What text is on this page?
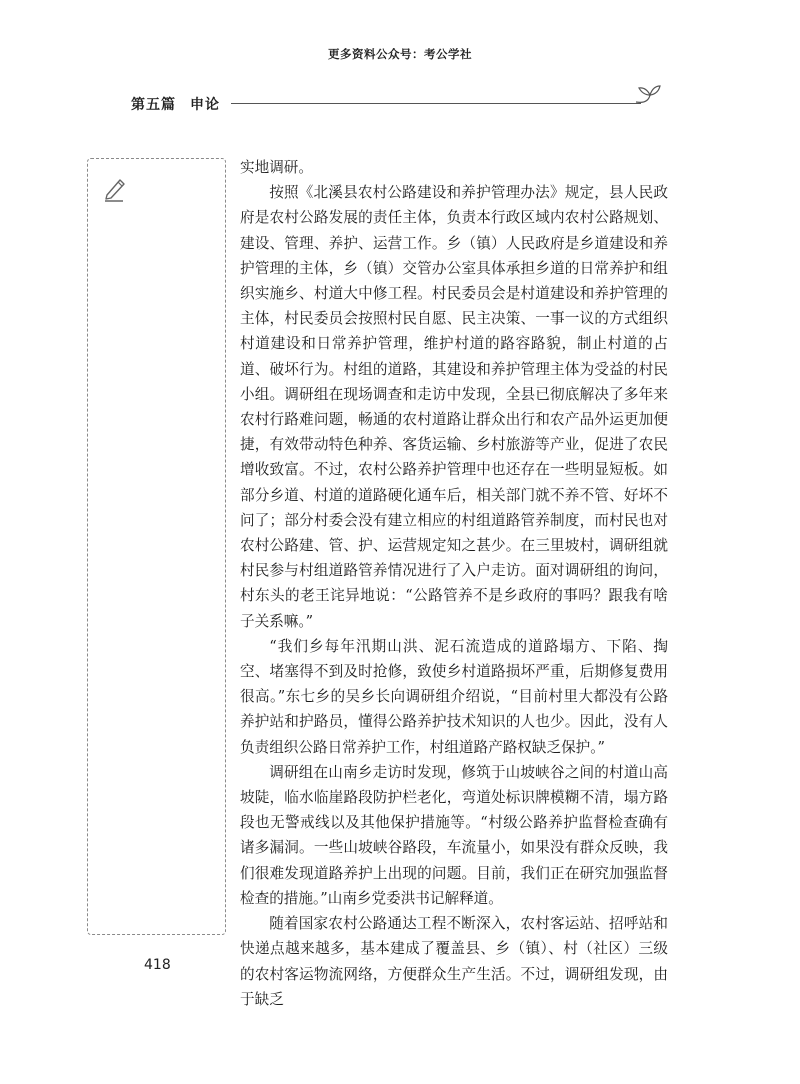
更多资料公众号：考公学社
第五篇 申论

实地调研。

按照《北溪县农村公路建设和养护管理办法》规定，县人民政府是农村公路发展的责任主体，负责本行政区域内农村公路规划、建设、管理、养护、运营工作。乡（镇）人民政府是乡道建设和养护管理的主体，乡（镇）交管办公室具体承担乡道的日常养护和组织实施乡、村道大中修工程。村民委员会是村道建设和养护管理的主体，村民委员会按照村民自愿、民主决策、一事一议的方式组织村道建设和日常养护管理，维护村道的路容路貌，制止村道的占道、破坏行为。村组的道路，其建设和养护管理主体为受益的村民小组。调研组在现场调查和走访中发现，全县已彻底解决了多年来农村行路难问题，畅通的农村道路让群众出行和农产品外运更加便捷，有效带动特色种养、客货运输、乡村旅游等产业，促进了农民增收致富。不过，农村公路养护管理中也还存在一些明显短板。如部分乡道、村道的道路硬化通车后，相关部门就不养不管、好坏不问了；部分村委会没有建立相应的村组道路管养制度，而村民也对农村公路建、管、护、运营规定知之甚少。在三里坡村，调研组就村民参与村组道路管养情况进行了入户走访。面对调研组的询问，村东头的老王诧异地说：“公路管养不是乡政府的事吗？跟我有啥子关系嘛。”

“我们乡每年汛期山洪、泥石流造成的道路塌方、下陷、掏空、堵塞得不到及时抢修，致使乡村道路损坏严重，后期修复费用很高。”东七乡的吴乡长向调研组介绍说，“目前村里大都没有公路养护站和护路员，懂得公路养护技术知识的人也少。因此，没有人负责组织公路日常养护工作，村组道路产路权缺乏保护。”

调研组在山南乡走访时发现，修筑于山坡峡谷之间的村道山高坡陡，临水临崖路段防护栏老化，弯道处标识牌模糊不清，塌方路段也无警戒线以及其他保护措施等。“村级公路养护监督检查确有诸多漏洞。一些山坡峡谷路段，车流量小，如果没有群众反映，我们很难发现道路养护上出现的问题。目前，我们正在研究加强监督检查的措施。”山南乡党委洪书记解释道。

随着国家农村公路通达工程不断深入，农村客运站、招呼站和快递点越来越多，基本建成了覆盖县、乡（镇）、村（社区）三级的农村客运物流网络，方便群众生产生活。不过，调研组发现，由于缺乏

418
